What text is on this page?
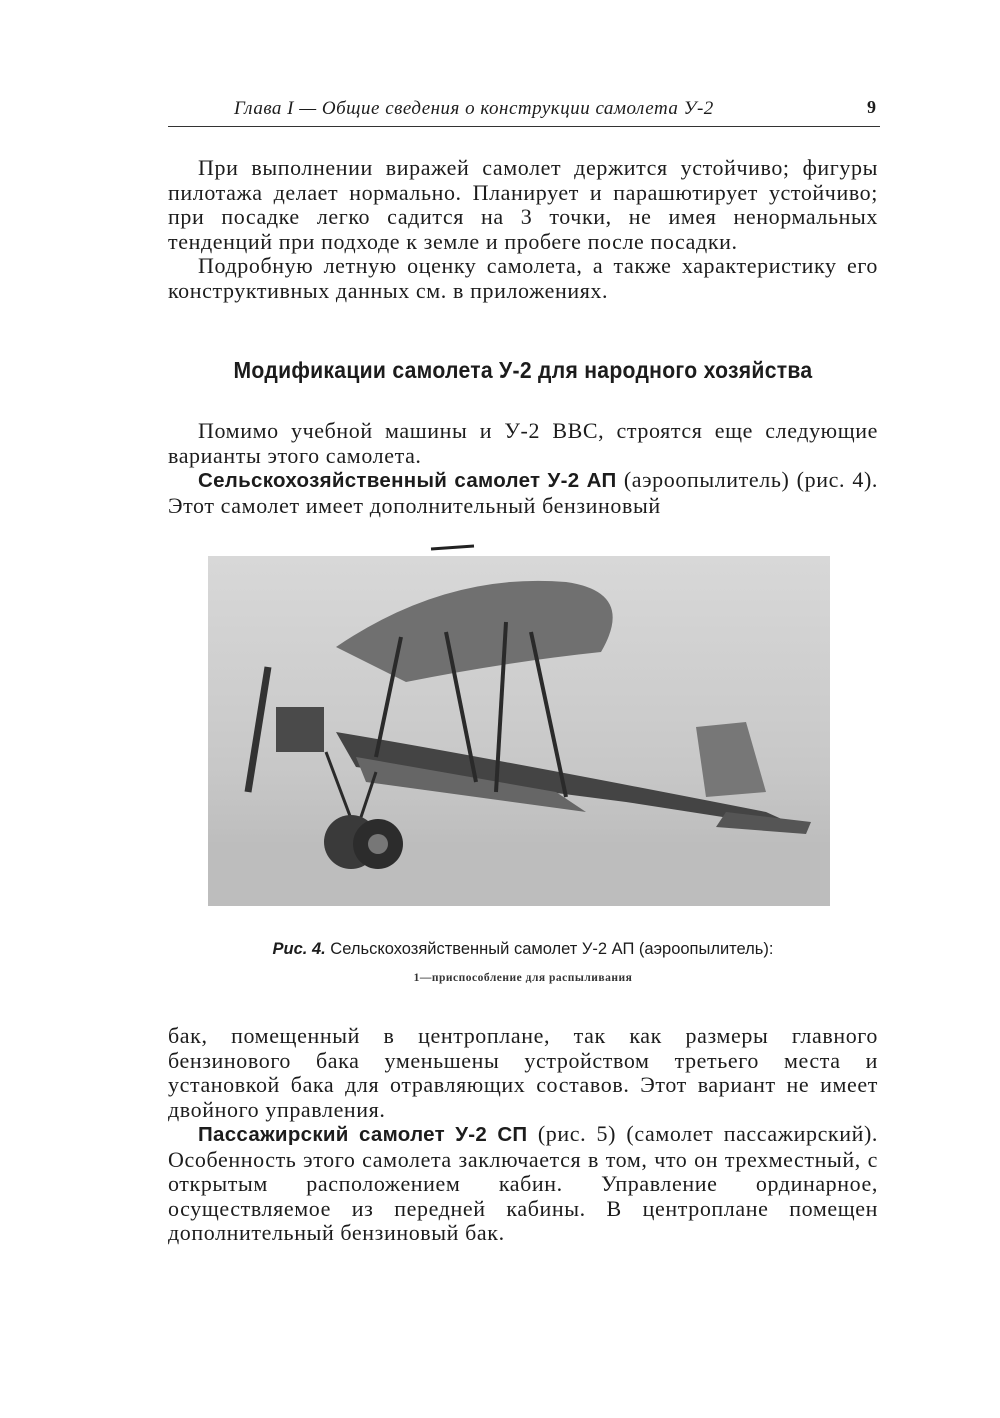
Глава I — Общие сведения о конструкции самолета У-2	9

При выполнении виражей самолет держится устойчиво; фигуры пилотажа делает нормально. Планирует и парашютирует устойчиво; при посадке легко садится на 3 точки, не имея ненормальных тенденций при подходе к земле и пробеге после посадки.

Подробную летную оценку самолета, а также характеристику его конструктивных данных см. в приложениях.

Модификации самолета У-2 для народного хозяйства

Помимо учебной машины и У-2 ВВС, строятся еще следующие варианты этого самолета.

Сельскохозяйственный самолет У-2 АП (аэроопылитель) (рис. 4). Этот самолет имеет дополнительный бензиновый

Рис. 4. Сельскохозяйственный самолет У-2 АП (аэроопылитель):
1—приспособление для распыливания

бак, помещенный в центроплане, так как размеры главного бензинового бака уменьшены устройством третьего места и установкой бака для отравляющих составов. Этот вариант не имеет двойного управления.

Пассажирский самолет У-2 СП (рис. 5) (самолет пассажирский). Особенность этого самолета заключается в том, что он трехместный, с открытым расположением кабин. Управление ординарное, осуществляемое из передней кабины. В центроплане помещен дополнительный бензиновый бак.
